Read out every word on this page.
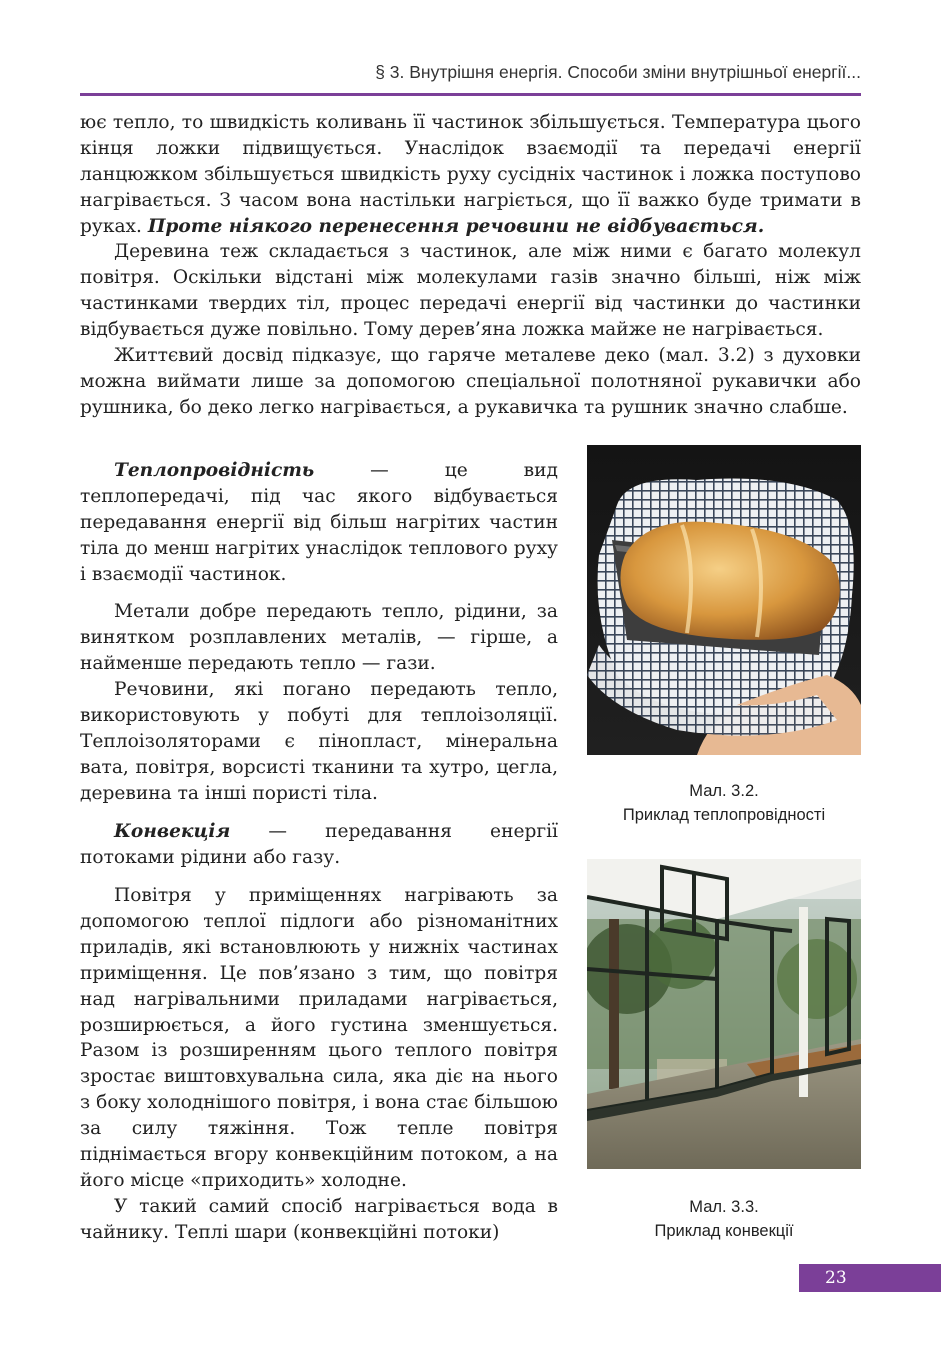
§ 3. Внутрішня енергія. Способи зміни внутрішньої енергії...

ює тепло, то швидкість коливань її частинок збільшується. Температура цього кінця ложки підвищується. Унаслідок взаємодії та передачі енергії ланцюжком збільшується швидкість руху сусідніх частинок і ложка поступово нагрівається. З часом вона настільки нагріється, що її важко буде тримати в руках. Проте ніякого перенесення речовини не відбувається.

Деревина теж складається з частинок, але між ними є багато молекул повітря. Оскільки відстані між молекулами газів значно більші, ніж між частинками твердих тіл, процес передачі енергії від частинки до частинки відбувається дуже повільно. Тому дерев’яна ложка майже не нагрівається.

Життєвий досвід підказує, що гаряче металеве деко (мал. 3.2) з духовки можна виймати лише за допомогою спеціальної полотняної рукавички або рушника, бо деко легко нагрівається, а рукавичка та рушник значно слабше.

Теплопровідність — це вид теплопередачі, під час якого відбувається передавання енергії від більш нагрітих частин тіла до менш нагрітих унаслідок теплового руху і взаємодії частинок.

Метали добре передають тепло, рідини, за винятком розплавлених металів, — гірше, а найменше передають тепло — гази.

Речовини, які погано передають тепло, використовують у побуті для теплоізоляції. Теплоізоляторами є пінопласт, мінеральна вата, повітря, ворсисті тканини та хутро, цегла, деревина та інші пористі тіла.

Конвекція — передавання енергії потоками рідини або газу.

Повітря у приміщеннях нагрівають за допомогою теплої підлоги або різноманітних приладів, які встановлюють у нижніх частинах приміщення. Це пов’язано з тим, що повітря над нагрівальними приладами нагрівається, розширюється, а його густина зменшується. Разом із розширенням цього теплого повітря зростає виштовхувальна сила, яка діє на нього з боку холоднішого повітря, і вона стає більшою за силу тяжіння. Тож тепле повітря піднімається вгору конвекційним потоком, а на його місце «приходить» холодне.

У такий самий спосіб нагрівається вода в чайнику. Теплі шари (конвекційні потоки)

Мал. 3.2.
Приклад теплопровідності
Мал. 3.3.
Приклад конвекції
23
